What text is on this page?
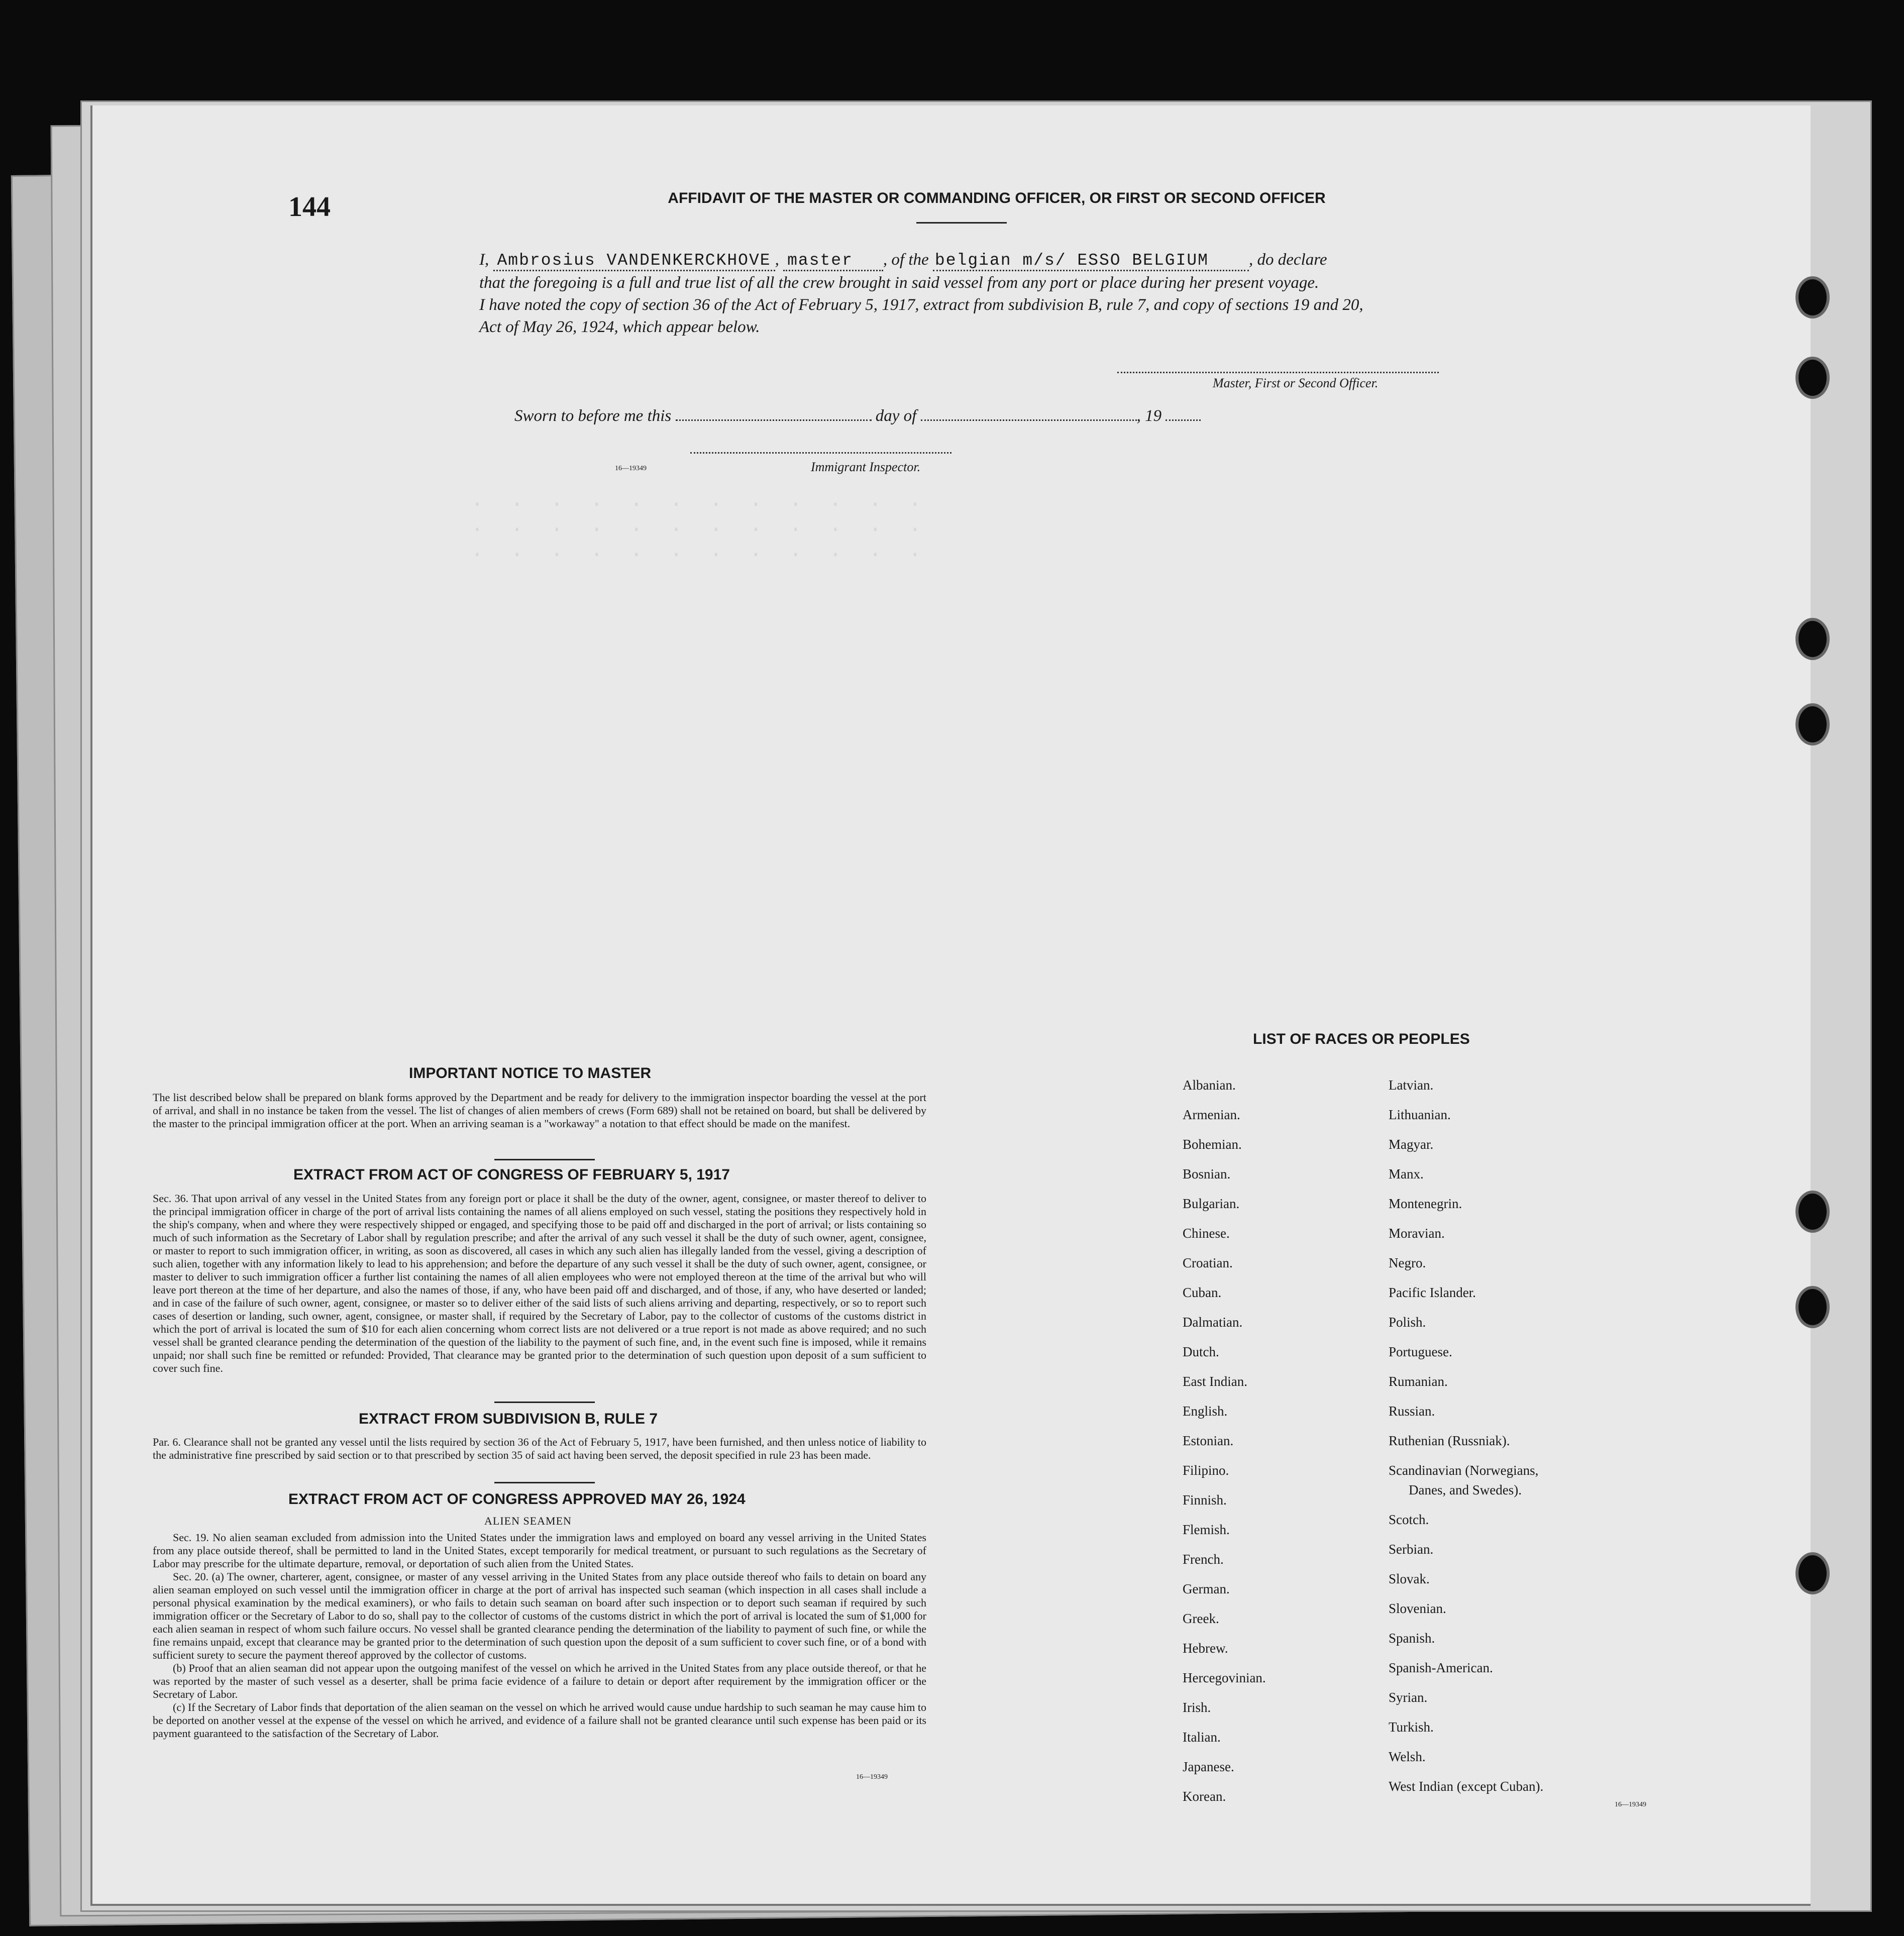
·  ·  ·  ·  ·  ·  ·  ·  ·  ·  ·  ·
·  ·  ·  ·  ·  ·  ·  ·  ·  ·  ·  ·
·  ·  ·  ·  ·  ·  ·  ·  ·  ·  ·  ·
144	AFFIDAVIT OF THE MASTER OR COMMANDING OFFICER, OR FIRST OR SECOND OFFICER
I, Ambrosius VANDENKERCKHOVE , master , of the belgian m/s/ ESSO BELGIUM , do declare
that the foregoing is a full and true list of all the crew brought in said vessel from any port or place during her present voyage.
I have noted the copy of section 36 of the Act of February 5, 1917, extract from subdivision B, rule 7, and copy of sections 19 and 20,
Act of May 26, 1924, which appear below.
Master, First or Second Officer.
Sworn to before me this	day of	, 19
16—19349	Immigrant Inspector.
IMPORTANT NOTICE TO MASTER
The list described below shall be prepared on blank forms approved by the Department and be ready for delivery to the immigration inspector boarding the vessel at the port of arrival, and shall in no instance be taken from the vessel. The list of changes of alien members of crews (Form 689) shall not be retained on board, but shall be delivered by the master to the principal immigration officer at the port. When an arriving seaman is a "workaway" a notation to that effect should be made on the manifest.
EXTRACT FROM ACT OF CONGRESS OF FEBRUARY 5, 1917
Sec. 36. That upon arrival of any vessel in the United States from any foreign port or place it shall be the duty of the owner, agent, consignee, or master thereof to deliver to the principal immigration officer in charge of the port of arrival lists containing the names of all aliens employed on such vessel, stating the positions they respectively hold in the ship's company, when and where they were respectively shipped or engaged, and specifying those to be paid off and discharged in the port of arrival; or lists containing so much of such information as the Secretary of Labor shall by regulation prescribe; and after the arrival of any such vessel it shall be the duty of such owner, agent, consignee, or master to report to such immigration officer, in writing, as soon as discovered, all cases in which any such alien has illegally landed from the vessel, giving a description of such alien, together with any information likely to lead to his apprehension; and before the departure of any such vessel it shall be the duty of such owner, agent, consignee, or master to deliver to such immigration officer a further list containing the names of all alien employees who were not employed thereon at the time of the arrival but who will leave port thereon at the time of her departure, and also the names of those, if any, who have been paid off and discharged, and of those, if any, who have deserted or landed; and in case of the failure of such owner, agent, consignee, or master so to deliver either of the said lists of such aliens arriving and departing, respectively, or so to report such cases of desertion or landing, such owner, agent, consignee, or master shall, if required by the Secretary of Labor, pay to the collector of customs of the customs district in which the port of arrival is located the sum of $10 for each alien concerning whom correct lists are not delivered or a true report is not made as above required; and no such vessel shall be granted clearance pending the determination of the question of the liability to the payment of such fine, and, in the event such fine is imposed, while it remains unpaid; nor shall such fine be remitted or refunded: Provided, That clearance may be granted prior to the determination of such question upon deposit of a sum sufficient to cover such fine.
EXTRACT FROM SUBDIVISION B, RULE 7
Par. 6. Clearance shall not be granted any vessel until the lists required by section 36 of the Act of February 5, 1917, have been furnished, and then unless notice of liability to the administrative fine prescribed by said section or to that prescribed by section 35 of said act having been served, the deposit specified in rule 23 has been made.
EXTRACT FROM ACT OF CONGRESS APPROVED MAY 26, 1924
ALIEN SEAMEN
Sec. 19. No alien seaman excluded from admission into the United States under the immigration laws and employed on board any vessel arriving in the United States from any place outside thereof, shall be permitted to land in the United States, except temporarily for medical treatment, or pursuant to such regulations as the Secretary of Labor may prescribe for the ultimate departure, removal, or deportation of such alien from the United States.
Sec. 20. (a) The owner, charterer, agent, consignee, or master of any vessel arriving in the United States from any place outside thereof who fails to detain on board any alien seaman employed on such vessel until the immigration officer in charge at the port of arrival has inspected such seaman (which inspection in all cases shall include a personal physical examination by the medical examiners), or who fails to detain such seaman on board after such inspection or to deport such seaman if required by such immigration officer or the Secretary of Labor to do so, shall pay to the collector of customs of the customs district in which the port of arrival is located the sum of $1,000 for each alien seaman in respect of whom such failure occurs. No vessel shall be granted clearance pending the determination of the liability to payment of such fine, or while the fine remains unpaid, except that clearance may be granted prior to the determination of such question upon the deposit of a sum sufficient to cover such fine, or of a bond with sufficient surety to secure the payment thereof approved by the collector of customs.
(b) Proof that an alien seaman did not appear upon the outgoing manifest of the vessel on which he arrived in the United States from any place outside thereof, or that he was reported by the master of such vessel as a deserter, shall be prima facie evidence of a failure to detain or deport after requirement by the immigration officer or the Secretary of Labor.
(c) If the Secretary of Labor finds that deportation of the alien seaman on the vessel on which he arrived would cause undue hardship to such seaman he may cause him to be deported on another vessel at the expense of the vessel on which he arrived, and evidence of a failure shall not be granted clearance until such expense has been paid or its payment guaranteed to the satisfaction of the Secretary of Labor.
16—19349
LIST OF RACES OR PEOPLES
16—19349
Albanian.
Armenian.
Bohemian.
Bosnian.
Bulgarian.
Chinese.
Croatian.
Cuban.
Dalmatian.
Dutch.
East Indian.
English.
Estonian.
Filipino.
Finnish.
Flemish.
French.
German.
Greek.
Hebrew.
Hercegovinian.
Irish.
Italian.
Japanese.
Korean.
Latvian.
Lithuanian.
Magyar.
Manx.
Montenegrin.
Moravian.
Negro.
Pacific Islander.
Polish.
Portuguese.
Rumanian.
Russian.
Ruthenian (Russniak).
Scandinavian (Norwegians,
Danes, and Swedes).
Scotch.
Serbian.
Slovak.
Slovenian.
Spanish.
Spanish-American.
Syrian.
Turkish.
Welsh.
West Indian (except Cuban).
